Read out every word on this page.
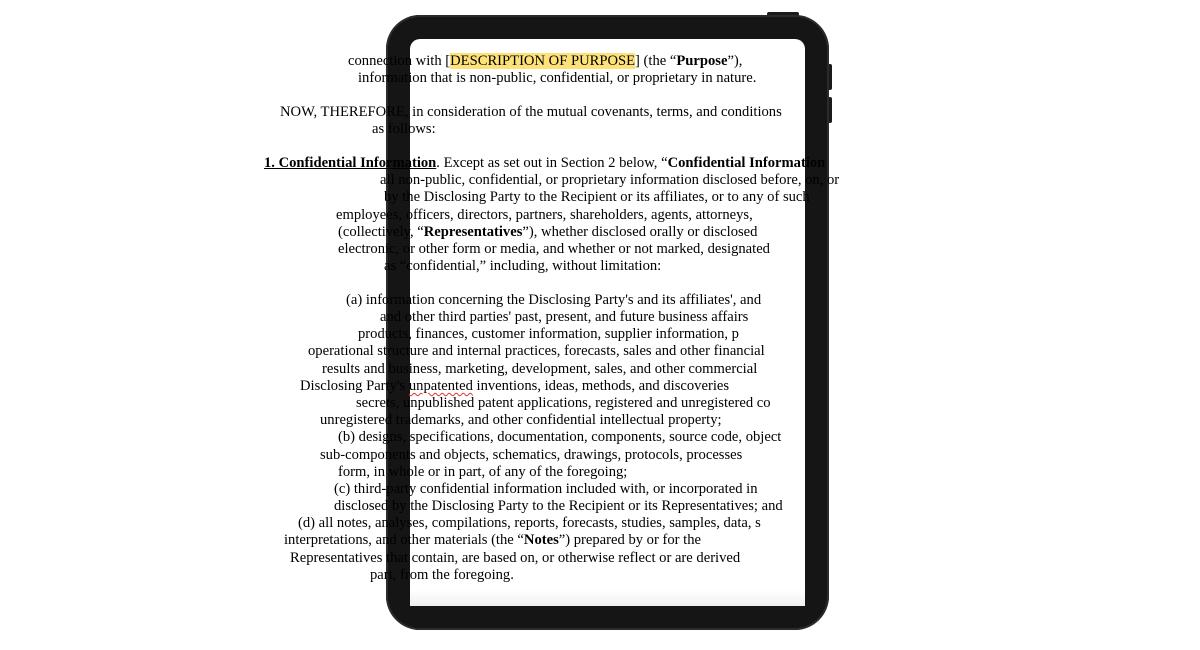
connection with [DESCRIPTION OF PURPOSE] (the “Purpose”),
information that is non-public, confidential, or proprietary in nature.
NOW, THEREFORE, in consideration of the mutual covenants, terms, and conditions
as follows:
1. Confidential Information. Except as set out in Section 2 below, “Confidential Information
all non-public, confidential, or proprietary information disclosed before, on, or
by the Disclosing Party to the Recipient or its affiliates, or to any of such
employees, officers, directors, partners, shareholders, agents, attorneys,
(collectively, “Representatives”), whether disclosed orally or disclosed
electronic, or other form or media, and whether or not marked, designated
as “confidential,” including, without limitation:
(a) information concerning the Disclosing Party's and its affiliates', and
and other third parties' past, present, and future business affairs
products, finances, customer information, supplier information, p
operational structure and internal practices, forecasts, sales and other financial
results and business, marketing, development, sales, and other commercial
Disclosing Party's unpatented inventions, ideas, methods, and discoveries
secrets, unpublished patent applications, registered and unregistered co
unregistered trademarks, and other confidential intellectual property;
(b) designs, specifications, documentation, components, source code, object
sub-components and objects, schematics, drawings, protocols, processes
form, in whole or in part, of any of the foregoing;
(c) third-party confidential information included with, or incorporated in
disclosed by the Disclosing Party to the Recipient or its Representatives; and
(d) all notes, analyses, compilations, reports, forecasts, studies, samples, data, s
interpretations, and other materials (the “Notes”) prepared by or for the
Representatives that contain, are based on, or otherwise reflect or are derived
part, from the foregoing.
